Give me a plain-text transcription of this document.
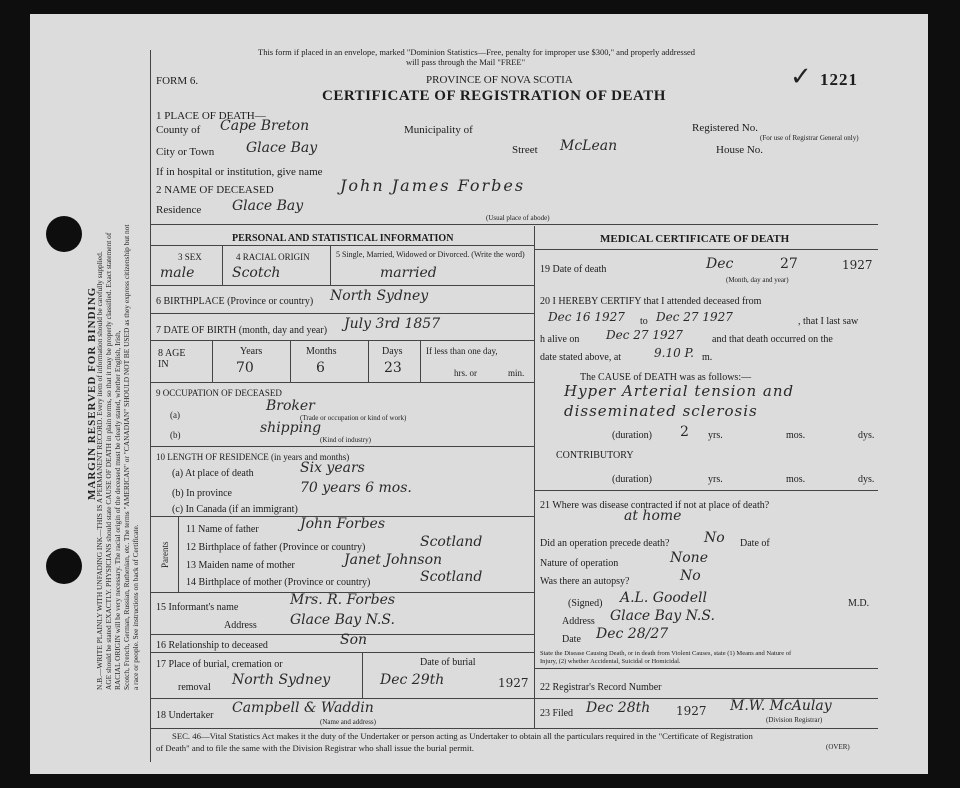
MARGIN RESERVED FOR BINDING
N.B.—WRITE PLAINLY WITH UNFADING INK—THIS IS A PERMANENT RECORD. Every item of information should be carefully supplied. AGE should be stated EXACTLY. PHYSICIANS should state CAUSE OF DEATH in plain terms, so that it may be properly classified. Exact statement of RACIAL ORIGIN will be very necessary. The racial origin of the deceased must be clearly stated, whether English, Irish, Scotch, French, German, Russian, Ruthenian, etc. The terms "AMERICAN" or "CANADIAN" SHOULD NOT BE USED as they express citizenship but not a race or people. See instructions on back of Certificate.
This form if placed in an envelope, marked "Dominion Statistics—Free, penalty for improper use $300," and properly addressed
will pass through the Mail "FREE"
FORM 6.	PROVINCE OF NOVA SCOTIA
CERTIFICATE OF REGISTRATION OF DEATH
1221
✓
1 PLACE OF DEATH—
County of Cape Breton	Municipality of	Registered No.
(For use of Registrar General only)
City or Town Glace Bay	Street McLean	House No.
If in hospital or institution, give name
2 NAME OF DECEASED	John James Forbes
Residence Glace Bay
(Usual place of abode)
PERSONAL AND STATISTICAL INFORMATION
3 SEX	4 RACIAL ORIGIN	5 Single, Married, Widowed or Divorced. (Write the word)
male	Scotch	married
6 BIRTHPLACE (Province or country) North Sydney
7 DATE OF BIRTH (month, day and year) July 3rd 1857
8 AGE IN
Years	Months	Days	If less than one day,
hrs. or	min.
70	6	23
9 OCCUPATION OF DECEASED
(a)
Broker
(Trade or occupation or kind of work)
(b)	shipping
(Kind of industry)
10 LENGTH OF RESIDENCE (in years and months)
(a) At place of death	Six years
(b) In province	70 years 6 mos.
(c) In Canada (if an immigrant)
Parents
11 Name of father	John Forbes
12 Birthplace of father (Province or country)	Scotland
13 Maiden name of mother	Janet Johnson
14 Birthplace of mother (Province or country)	Scotland
15 Informant's name	Mrs. R. Forbes
Address Glace Bay N.S.
16 Relationship to deceased	Son
17 Place of burial, cremation or
removal North Sydney
Date of burial
Dec 29th	1927
18 Undertaker Campbell & Waddin
(Name and address)
MEDICAL CERTIFICATE OF DEATH
19 Date of death	Dec	27	1927
(Month, day and year)
20 I HEREBY CERTIFY that I attended deceased from
Dec 16 1927 to Dec 27 1927	, that I last saw
h alive on Dec 27 1927	and that death occurred on the
date stated above, at	9.10 P. m.
The CAUSE of DEATH was as follows:—
Hyper Arterial tension and
disseminated sclerosis
(duration) 2 yrs.	mos.	dys.
CONTRIBUTORY
(duration)	yrs.	mos.	dys.
21 Where was disease contracted if not at place of death?
at home
Did an operation precede death? No Date of
Nature of operation	None
Was there an autopsy?	No
(Signed) A.L. Goodell	M.D.
Address Glace Bay N.S.
Date Dec 28/27
State the Disease Causing Death, or in death from Violent Causes, state (1) Means and Nature of
Injury, (2) whether Accidental, Suicidal or Homicidal.
22 Registrar's Record Number
23 Filed Dec 28th 1927 M.W. McAulay
(Division Registrar)
SEC. 46—Vital Statistics Act makes it the duty of the Undertaker or person acting as Undertaker to obtain all the particulars required in the "Certificate of Registration
of Death" and to file the same with the Division Registrar who shall issue the burial permit.	(OVER)
